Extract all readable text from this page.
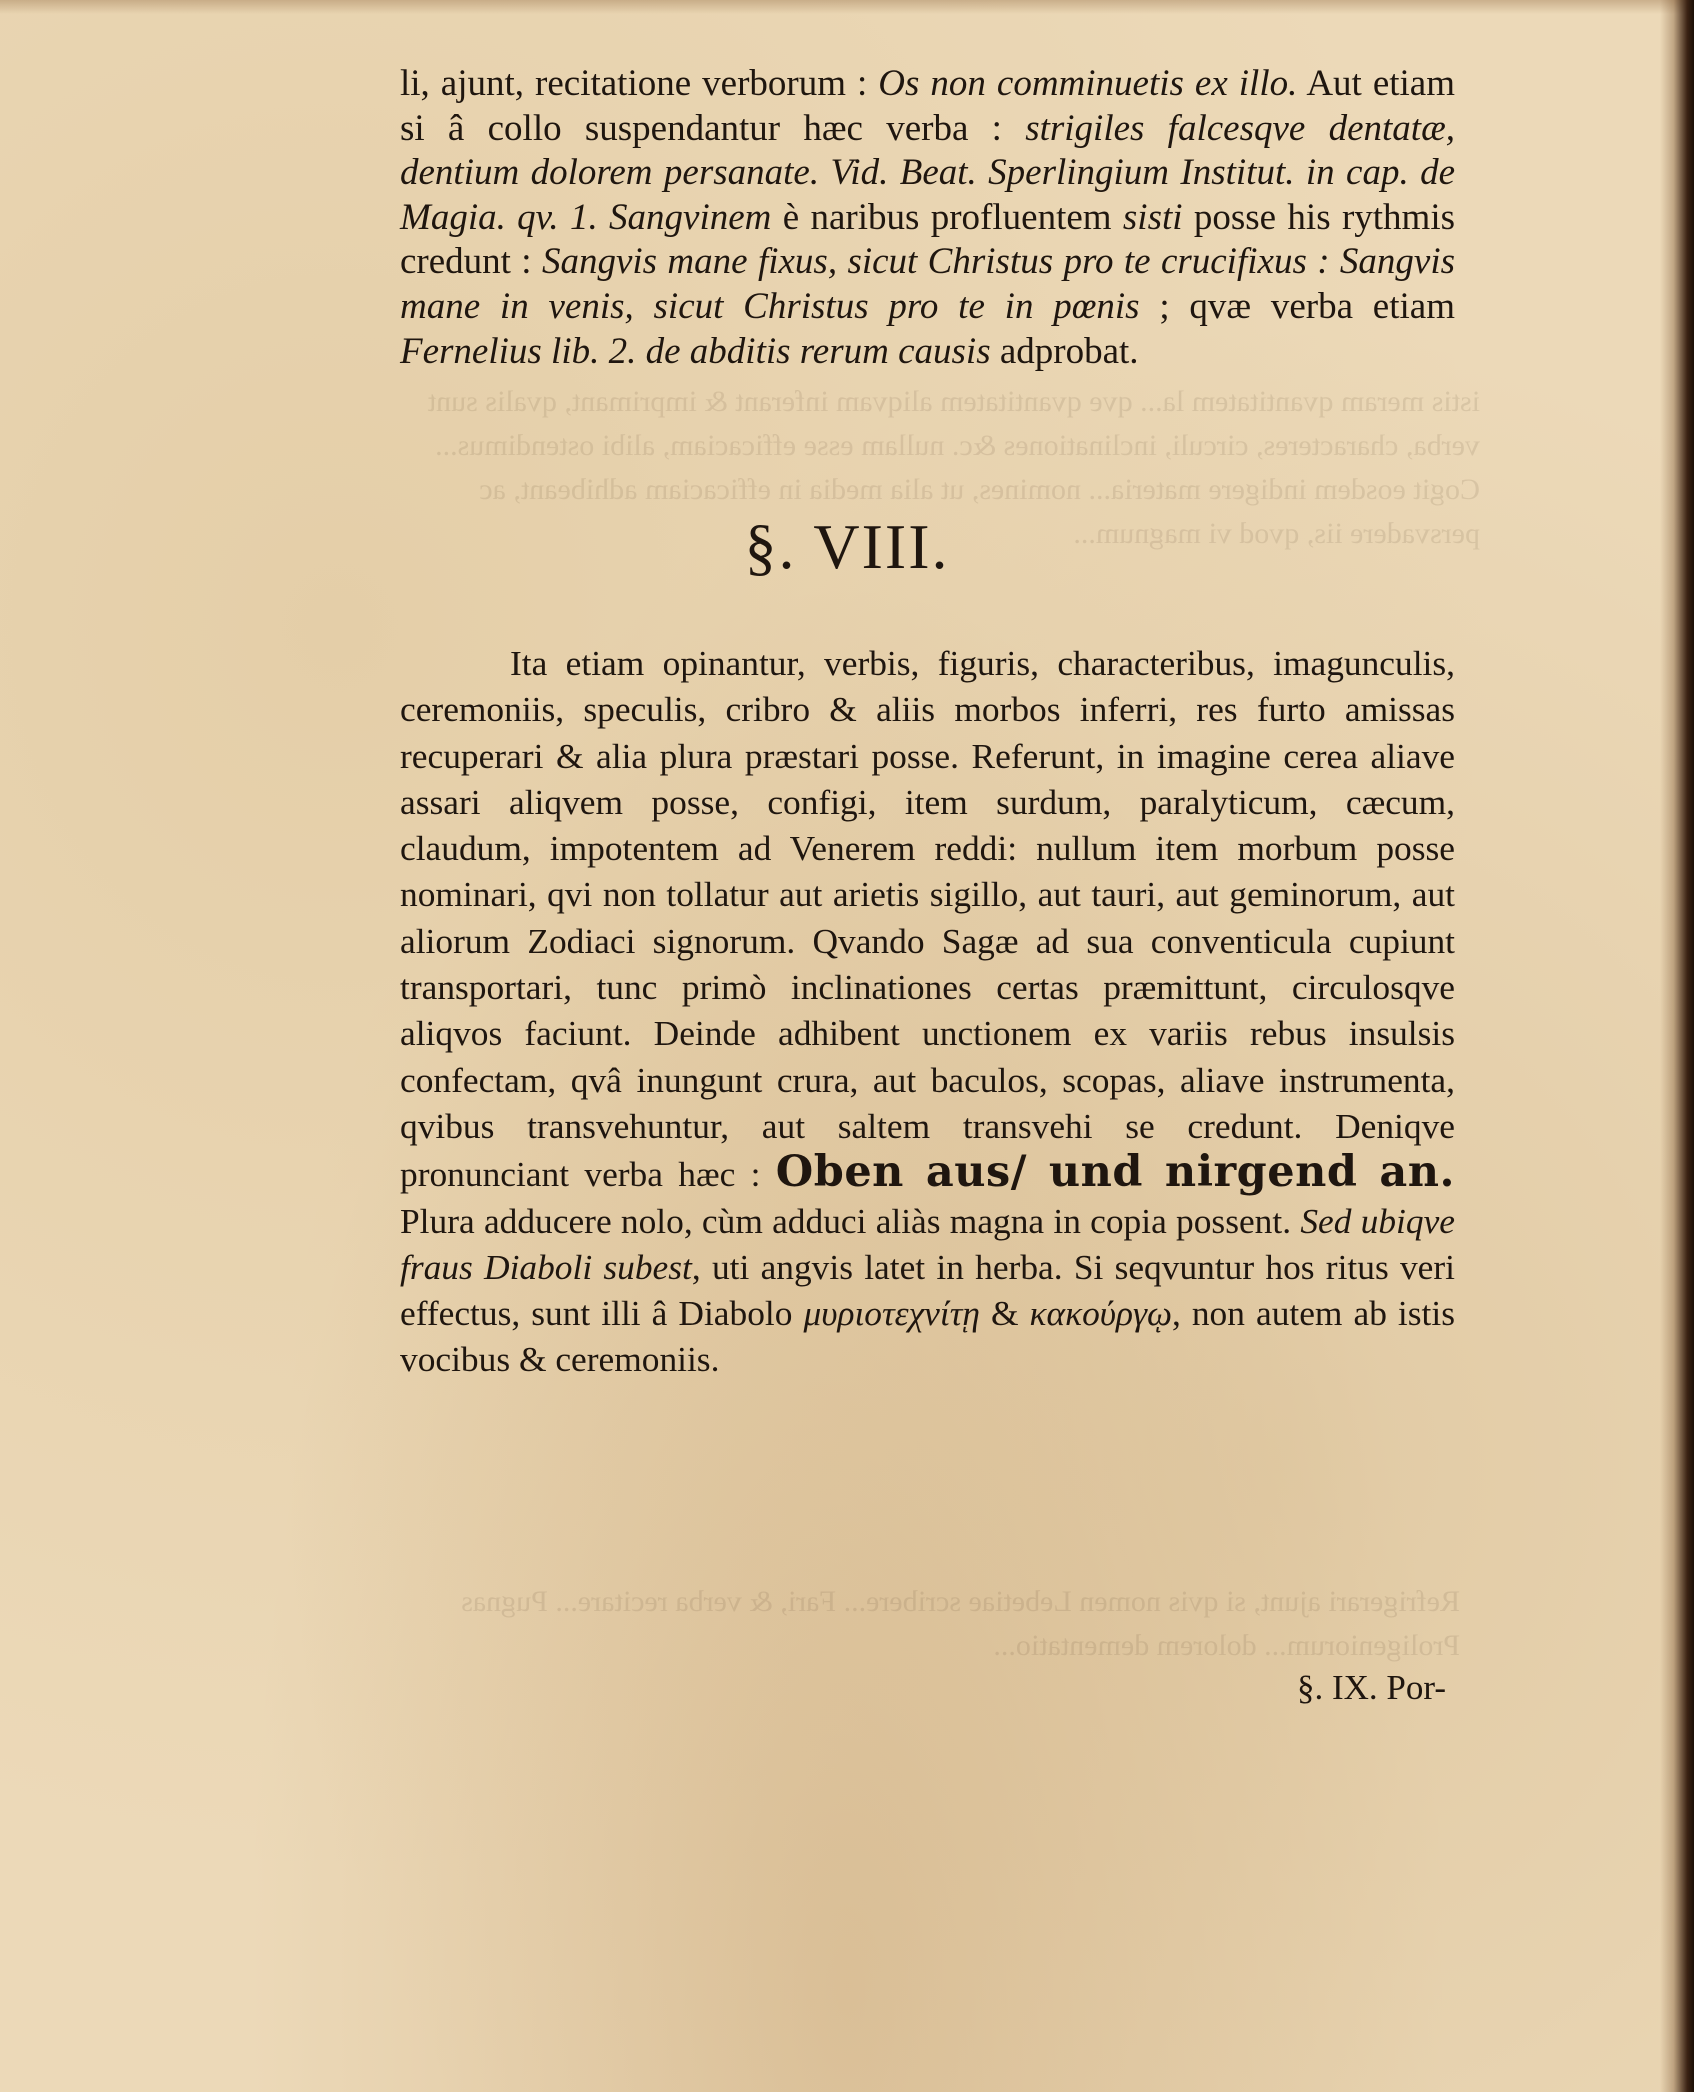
istis meram qvantitatem la... qve qvantitatem aliqvam inferant & imprimant, qvalis sunt verba, characteres, circuli, inclinationes &c. nullam esse efficaciam, alibi ostendimus... Cogit eosdem indigere materia... nomines, ut alia media in efficaciam adhibeant, ac persvadere iis, qvod vi magnum...
Refrigerari ajunt, si qvis nomen Lebetiae scribere... Fari, & verba recitare... Pugnas Proligeniorum... dolorem dementatio...

li, ajunt, recitatione verborum : Os non comminuetis ex illo. Aut etiam si â collo suspendantur hæc verba : strigiles falcesqve dentatæ, dentium dolorem persanate. Vid. Beat. Sperlingium Institut. in cap. de Magia. qv. 1. Sangvinem è naribus profluentem sisti posse his rythmis credunt : Sangvis mane fixus, sicut Christus pro te crucifixus : Sangvis mane in venis, sicut Christus pro te in pœnis ; qvæ verba etiam Fernelius lib. 2. de abditis rerum causis adprobat.

§. VIII.

Ita etiam opinantur, verbis, figuris, characteribus, imagunculis, ceremoniis, speculis, cribro & aliis morbos inferri, res furto amissas recuperari & alia plura præstari posse. Referunt, in imagine cerea aliave assari aliqvem posse, configi, item surdum, paralyticum, cæcum, claudum, impotentem ad Venerem reddi: nullum item morbum posse nominari, qvi non tollatur aut arietis sigillo, aut tauri, aut geminorum, aut aliorum Zodiaci signorum. Qvando Sagæ ad sua conventicula cupiunt transportari, tunc primò inclinationes certas præmittunt, circulosqve aliqvos faciunt. Deinde adhibent unctionem ex variis rebus insulsis confectam, qvâ inungunt crura, aut baculos, scopas, aliave instrumenta, qvibus transvehuntur, aut saltem transvehi se credunt. Deniqve pronunciant verba hæc : Oben aus/ und nirgend an. Plura adducere nolo, cùm adduci aliàs magna in copia possent. Sed ubiqve fraus Diaboli subest, uti angvis latet in herba. Si seqvuntur hos ritus veri effectus, sunt illi â Diabolo μυριοτεχνίτῃ & κακούργῳ, non autem ab istis vocibus & ceremoniis.

§. IX. Por-
